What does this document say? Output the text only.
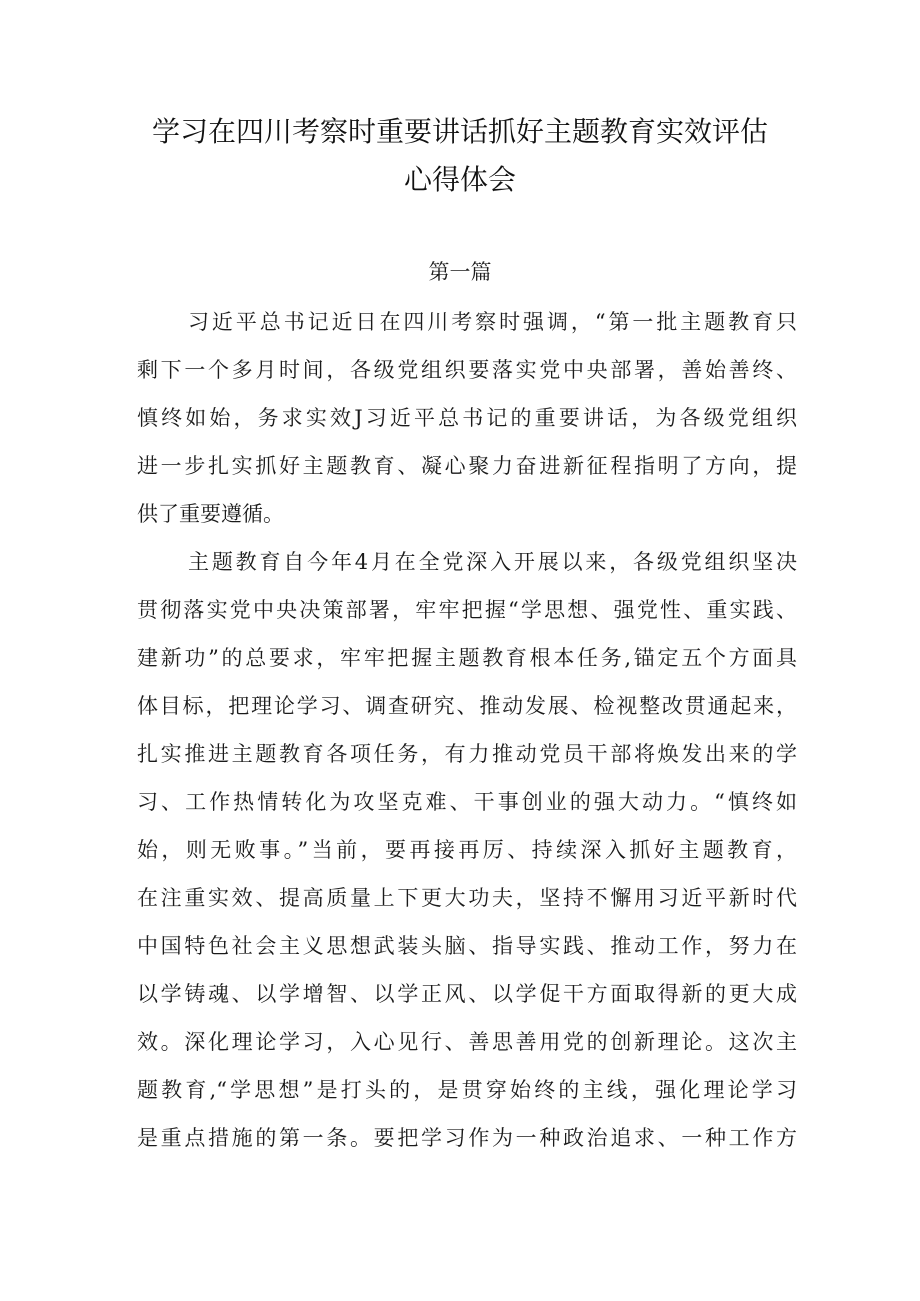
学习在四川考察时重要讲话抓好主题教育实效评估
心得体会
第一篇
习近平总书记近日在四川考察时强调，“第一批主题教育只
剩下一个多月时间，各级党组织要落实党中央部署，善始善终、
慎终如始，务求实效J习近平总书记的重要讲话，为各级党组织
进一步扎实抓好主题教育、凝心聚力奋进新征程指明了方向，提
供了重要遵循。
主题教育自今年4月在全党深入开展以来，各级党组织坚决
贯彻落实党中央决策部署，牢牢把握“学思想、强党性、重实践、
建新功”的总要求，牢牢把握主题教育根本任务,锚定五个方面具
体目标，把理论学习、调查研究、推动发展、检视整改贯通起来，
扎实推进主题教育各项任务，有力推动党员干部将焕发出来的学
习、工作热情转化为攻坚克难、干事创业的强大动力。“慎终如
始，则无败事。”当前，要再接再厉、持续深入抓好主题教育，
在注重实效、提高质量上下更大功夫，坚持不懈用习近平新时代
中国特色社会主义思想武装头脑、指导实践、推动工作，努力在
以学铸魂、以学增智、以学正风、以学促干方面取得新的更大成
效。深化理论学习，入心见行、善思善用党的创新理论。这次主
题教育,“学思想”是打头的，是贯穿始终的主线，强化理论学习
是重点措施的第一条。要把学习作为一种政治追求、一种工作方
